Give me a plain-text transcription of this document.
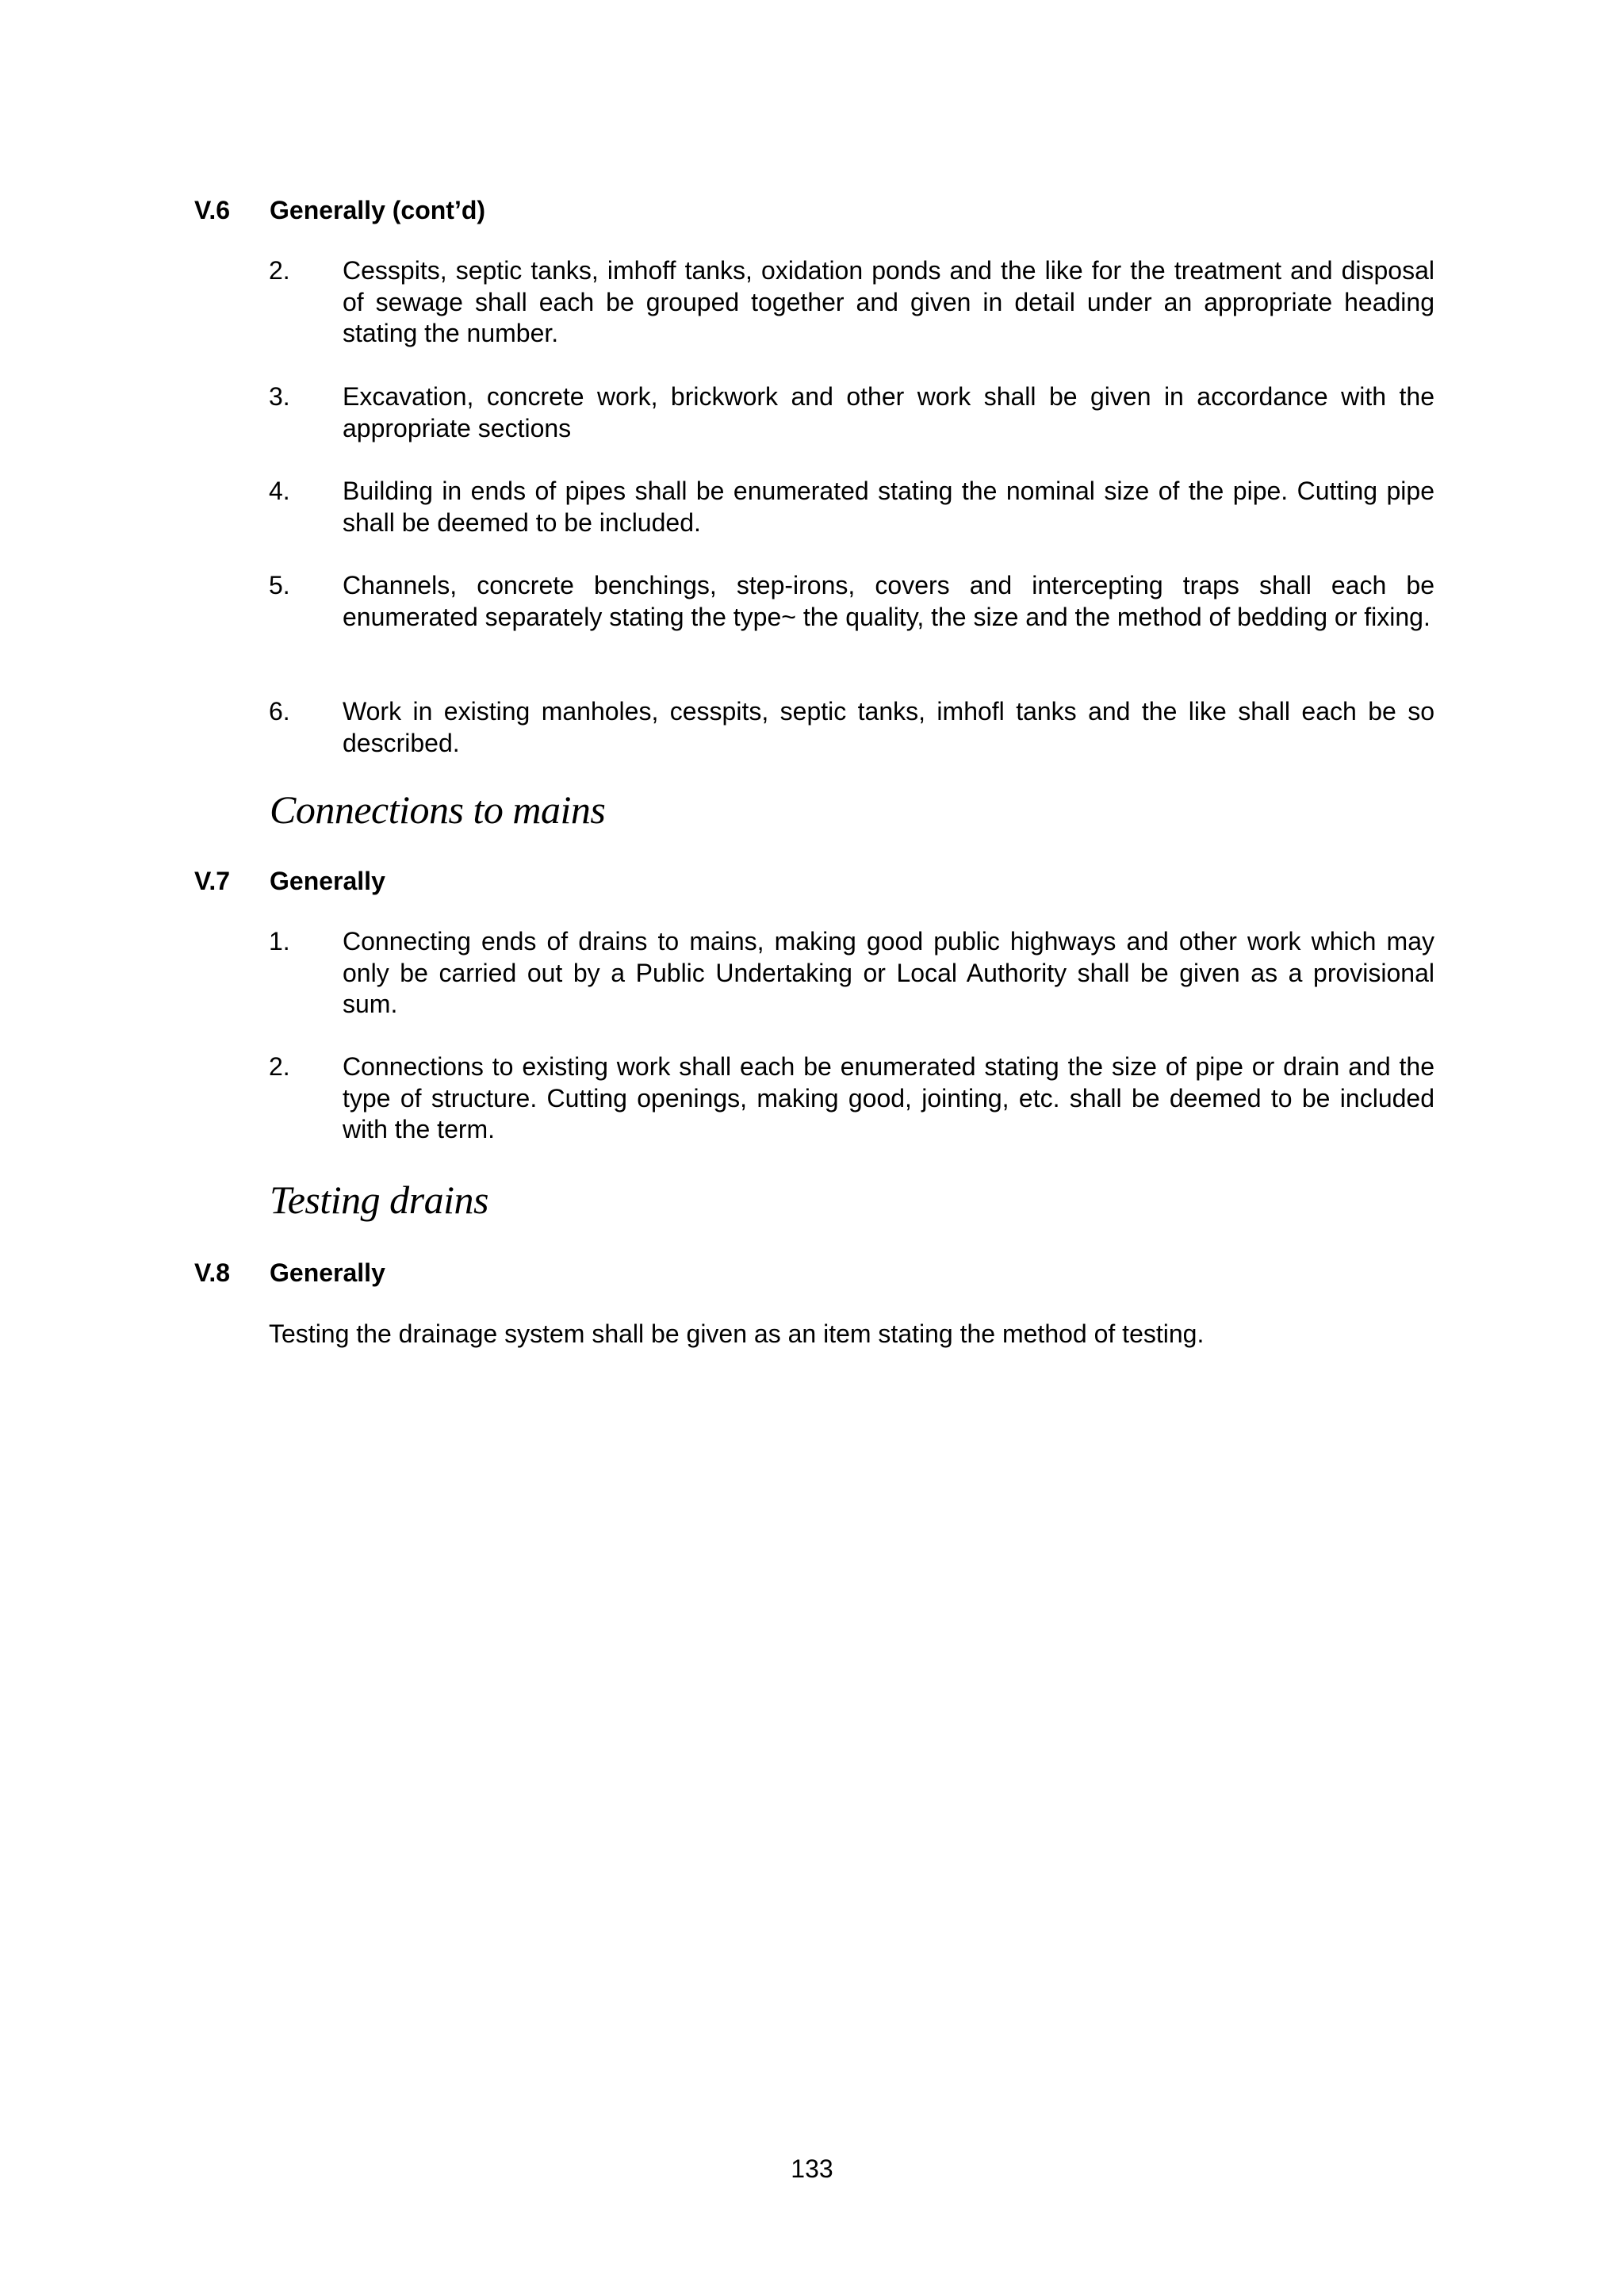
V.6 Generally (cont’d)
2. Cesspits, septic tanks, imhoff tanks, oxidation ponds and the like for the treatment and disposal of sewage shall each be grouped together and given in detail under an appropriate heading stating the number.
3. Excavation, concrete work, brickwork and other work shall be given in accordance with the appropriate sections
4. Building in ends of pipes shall be enumerated stating the nominal size of the pipe. Cutting pipe shall be deemed to be included.
5. Channels, concrete benchings, step-irons, covers and intercepting traps shall each be enumerated separately stating the type~ the quality, the size and the method of bedding or fixing.
6. Work in existing manholes, cesspits, septic tanks, imhofl tanks and the like shall each be so described.
Connections to mains
V.7 Generally
1. Connecting ends of drains to mains, making good public highways and other work which may only be carried out by a Public Undertaking or Local Authority shall be given as a provisional sum.
2. Connections to existing work shall each be enumerated stating the size of pipe or drain and the type of structure. Cutting openings, making good, jointing, etc. shall be deemed to be included with the term.
Testing drains
V.8 Generally
Testing the drainage system shall be given as an item stating the method of testing.
133
